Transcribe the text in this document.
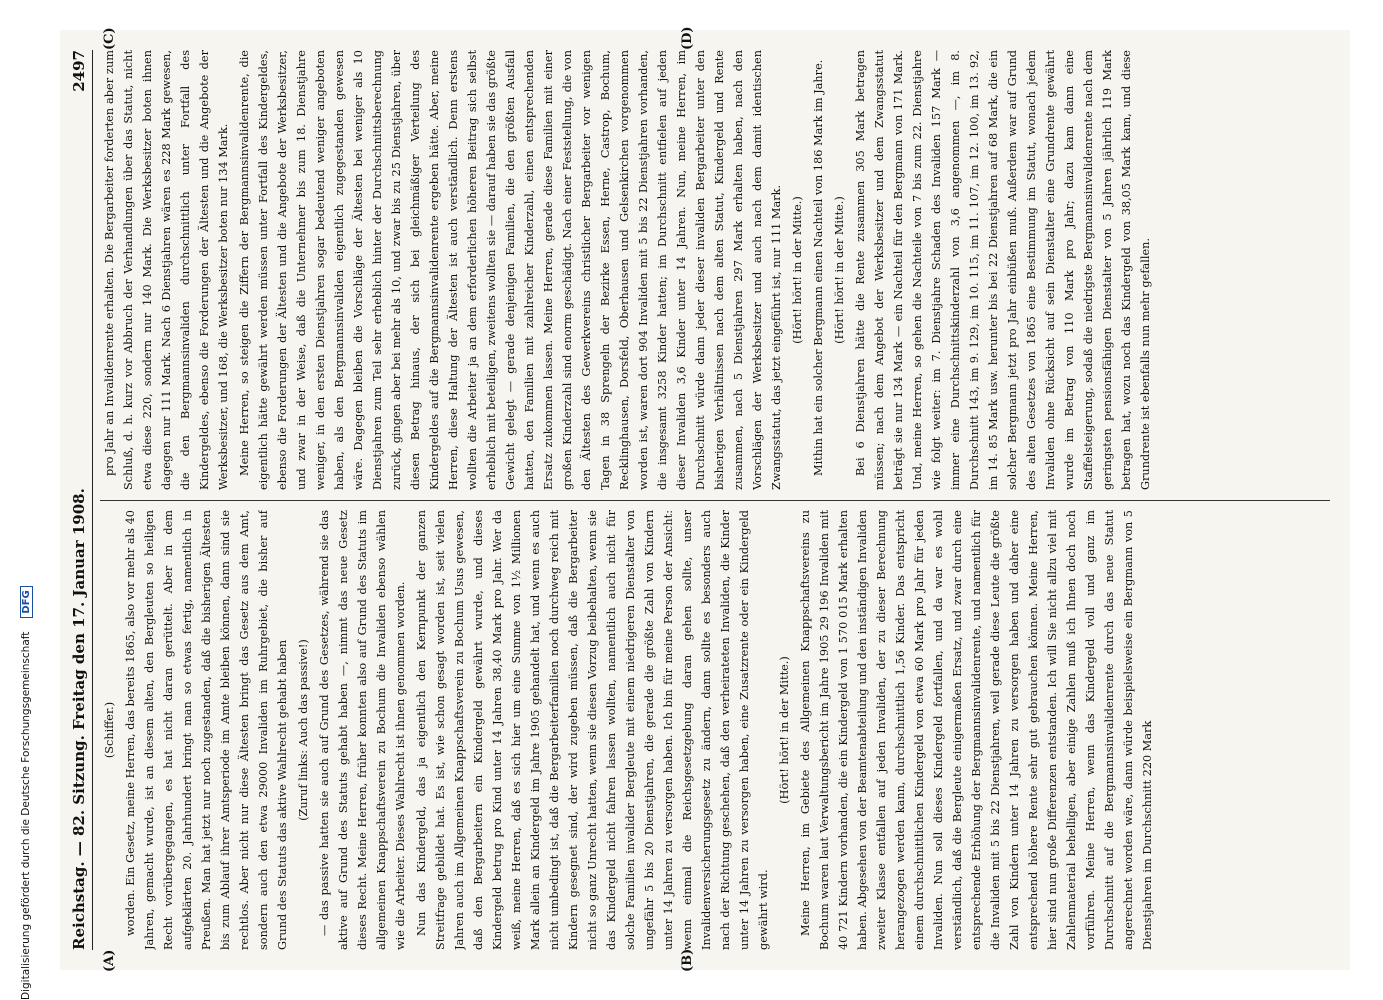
Digitalisierung gefördert durch die Deutsche Forschungsgemeinschaft
DFG	Reichstag. — 82. Sitzung. Freitag den 17. Januar 1908.
2497
(A)	(B)
(C)	(D)

(Schiffer.) worden. Ein Gesetz, meine Herren, das bereits 1865, also vor mehr als 40 Jahren, gemacht wurde, ist an diesem alten, den Bergleuten so heiligen Recht vorübergegangen, es hat nicht daran gerüttelt. Aber in dem aufgeklärten 20. Jahrhundert bringt man so etwas fertig, namentlich in Preußen. Man hat jetzt nur noch zugestanden, daß die bisherigen Ältesten bis zum Ablauf ihrer Amtsperiode im Amte bleiben können, dann sind sie rechtlos. Aber nicht nur diese Ältesten bringt das Gesetz aus dem Amt, sondern auch den etwa 29000 Invaliden im Ruhrgebiet, die bisher auf Grund des Statuts das aktive Wahlrecht gehabt haben (Zuruf links: Auch das passive!) — das passive hatten sie auch auf Grund des Gesetzes, während sie das aktive auf Grund des Statuts gehabt haben —, nimmt das neue Gesetz dieses Recht. Meine Herren, früher konnten also auf Grund des Statuts im allgemeinen Knappschaftsverein zu Bochum die Invaliden ebenso wählen wie die Arbeiter. Dieses Wahlrecht ist ihnen genommen worden. Nun das Kindergeld, das ja eigentlich den Kernpunkt der ganzen Streitfrage gebildet hat. Es ist, wie schon gesagt worden ist, seit vielen Jahren auch im Allgemeinen Knappschaftsverein zu Bochum Usus gewesen, daß den Bergarbeitern ein Kindergeld gewährt wurde, und dieses Kindergeld betrug pro Kind unter 14 Jahren 38,40 Mark pro Jahr. Wer da weiß, meine Herren, daß es sich hier um eine Summe von 1½ Millionen Mark allein an Kindergeld im Jahre 1905 gehandelt hat, und wenn es auch nicht umbedingt ist, daß die Bergarbeiterfamilien noch durchweg reich mit Kindern gesegnet sind, der wird zugeben müssen, daß die Bergarbeiter nicht so ganz Unrecht hatten, wenn sie diesen Vorzug beibehalten, wenn sie das Kindergeld nicht fahren lassen wollten, namentlich auch nicht für solche Familien invalider Bergleute mit einem niedrigeren Dienstalter von ungefähr 5 bis 20 Dienstjahren, die gerade die größte Zahl von Kindern unter 14 Jahren zu versorgen haben. Ich bin für meine Person der Ansicht: wenn einmal die Reichsgesetzgebung daran gehen sollte, unser Invalidenversicherungsgesetz zu ändern, dann sollte es besonders auch nach der Richtung geschehen, daß den verheirateten Invaliden, die Kinder unter 14 Jahren zu versorgen haben, eine Zusatzrente oder ein Kindergeld gewährt wird.

(Hört! hört! in der Mitte.) Meine Herren, im Gebiete des Allgemeinen Knappschaftsvereins zu Bochum waren laut Verwaltungsbericht im Jahre 1905 29 196 Invaliden mit 40 721 Kindern vorhanden, die ein Kindergeld von 1 570 015 Mark erhalten haben. Abgesehen von der Beamtenabteilung und den inständigen Invaliden zweiter Klasse entfallen auf jeden Invaliden, der zu dieser Berechnung herangezogen werden kann, durchschnittlich 1,56 Kinder. Das entspricht einem durchschnittlichen Kindergeld von etwa 60 Mark pro Jahr für jeden Invaliden. Nun soll dieses Kindergeld fortfallen, und da war es wohl verständlich, daß die Bergleute einigermaßen Ersatz, und zwar durch eine entsprechende Erhöhung der Bergmannsinvalidenrente, und namentlich für die Invaliden mit 5 bis 22 Dienstjahren, weil gerade diese Leute die größte Zahl von Kindern unter 14 Jahren zu versorgen haben und daher eine entsprechend höhere Rente sehr gut gebrauchen können. Meine Herren, hier sind nun große Differenzen entstanden. Ich will Sie nicht allzu viel mit Zahlenmaterial behelligen, aber einige Zahlen muß ich Ihnen doch noch vorführen. Meine Herren, wenn das Kindergeld voll und ganz im Durchschnitt auf die Bergmannsinvalidenrente durch das neue Statut angerechnet worden wäre, dann würde beispielsweise ein Bergmann von 5 Dienstjahren im Durchschnitt 220 Mark

pro Jahr an Invalidenrente erhalten. Die Bergarbeiter forderten aber zum Schluß, d. h. kurz vor Abbruch der Verhandlungen über das Statut, nicht etwa diese 220, sondern nur 140 Mark. Die Werksbesitzer boten ihnen dagegen nur 111 Mark. Nach 6 Dienstjahren wären es 228 Mark gewesen, die den Bergmannsinvaliden durchschnittlich unter Fortfall des Kindergeldes, ebenso die Forderungen der Ältesten und die Angebote der Werksbesitzer, und 168, die Werksbesitzer boten nur 134 Mark. Meine Herren, so steigen die Ziffern der Bergmannsinvalidenrente, die eigentlich hätte gewährt werden müssen unter Fortfall des Kindergeldes, ebenso die Forderungen der Ältesten und die Angebote der Werksbesitzer, und zwar in der Weise, daß die Unternehmer bis zum 18. Dienstjahre weniger, in den ersten Dienstjahren sogar bedeutend weniger angeboten haben, als den Bergmannsinvaliden eigentlich zugegestanden gewesen wäre. Dagegen bleiben die Vorschläge der Ältesten bei weniger als 10 Dienstjahren zum Teil sehr erheblich hinter der Durchschnittsberechnung zurück, gingen aber bei mehr als 10, und zwar bis zu 25 Dienstjahren, über diesen Betrag hinaus, der sich bei gleichmäßiger Verteilung des Kindergeldes auf die Bergmannsinvalidenrente ergeben hätte. Aber, meine Herren, diese Haltung der Ältesten ist auch verständlich. Denn erstens wollten die Arbeiter ja an dem erforderlichen höheren Beitrag sich selbst erheblich mit beteiligen, zweitens wollten sie — darauf haben sie das größte Gewicht gelegt — gerade denjenigen Familien, die den größten Ausfall hatten, den Familien mit zahlreicher Kinderzahl, einen entsprechenden Ersatz zukommen lassen. Meine Herren, gerade diese Familien mit einer großen Kinderzahl sind enorm geschädigt. Nach einer Feststellung, die von den Ältesten des Gewerkvereins christlicher Bergarbeiter vor wenigen Tagen in 38 Sprengeln der Bezirke Essen, Herne, Castrop, Bochum, Recklinghausen, Dorsfeld, Oberhausen und Gelsenkirchen vorgenommen worden ist, waren dort 904 Invaliden mit 5 bis 22 Dienstjahren vorhanden, die insgesamt 3258 Kinder hatten; im Durchschnitt entfielen auf jeden dieser Invaliden 3,6 Kinder unter 14 Jahren. Nun, meine Herren, im Durchschnitt würde dann jeder dieser invaliden Bergarbeiter unter den bisherigen Verhältnissen nach dem alten Statut, Kindergeld und Rente zusammen, nach 5 Dienstjahren 297 Mark erhalten haben, nach den Vorschlägen der Werksbesitzer und auch nach dem damit identischen Zwangsstatut, das jetzt eingeführt ist, nur 111 Mark. (Hört! hört! in der Mitte.) Mithin hat ein solcher Bergmann einen Nachteil von 186 Mark im Jahre. (Hört! hört! in der Mitte.) Bei 6 Dienstjahren hätte die Rente zusammen 305 Mark betragen müssen; nach dem Angebot der Werksbesitzer und dem Zwangsstatut beträgt sie nur 134 Mark — ein Nachteil für den Bergmann von 171 Mark. Und, meine Herren, so gehen die Nachteile von 7 bis zum 22. Dienstjahre wie folgt weiter: im 7. Dienstjahre Schaden des Invaliden 157 Mark — immer eine Durchschnittskinderzahl von 3,6 angenommen —, im 8. Durchschnitt 143, im 9. 129, im 10. 115, im 11. 107, im 12. 100, im 13. 92, im 14. 85 Mark usw. herunter bis bei 22 Dienstjahren auf 68 Mark, die ein solcher Bergmann jetzt pro Jahr einbüßen muß. Außerdem war auf Grund des alten Gesetzes von 1865 eine Bestimmung im Statut, wonach jedem Invaliden ohne Rücksicht auf sein Dienstalter eine Grundrente gewährt wurde im Betrag von 110 Mark pro Jahr; dazu kam dann eine Staffelsteigerung, sodaß die niedrigste Bergmannsinvalidenrente nach dem geringsten pensionsfähigen Dienstalter von 5 Jahren jährlich 119 Mark betragen hat, wozu noch das Kindergeld von 38,05 Mark kam, und diese Grundrente ist ebenfalls nun mehr gefallen.
